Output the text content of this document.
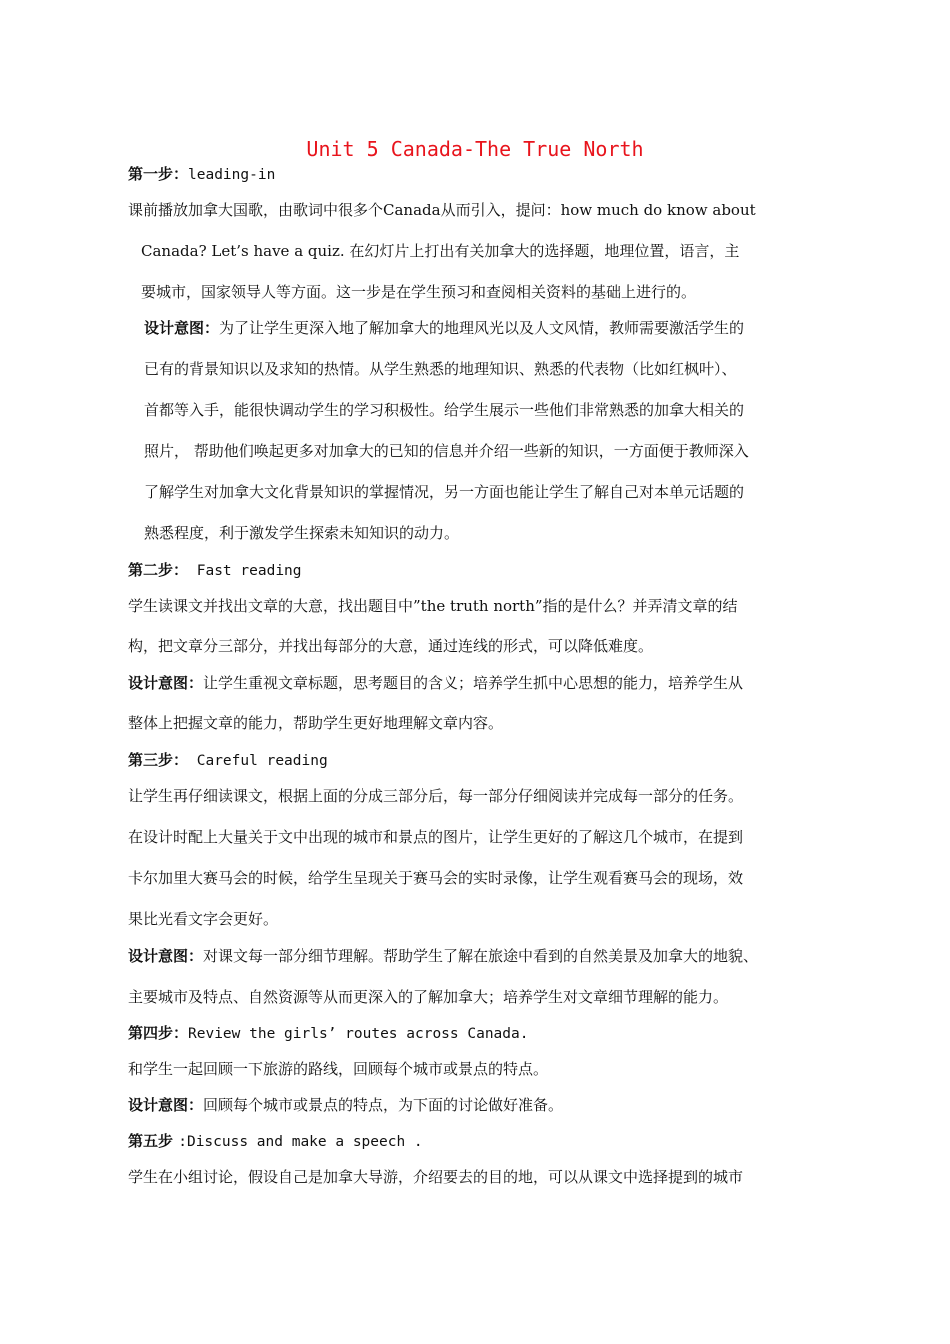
Unit 5 Canada-The True North
第一步：leading-in
课前播放加拿大国歌，由歌词中很多个Canada从而引入，提问：how much do know about
Canada? Let’s have a quiz. 在幻灯片上打出有关加拿大的选择题，地理位置，语言，主
要城市，国家领导人等方面。这一步是在学生预习和查阅相关资料的基础上进行的。
设计意图：为了让学生更深入地了解加拿大的地理风光以及人文风情，教师需要激活学生的
已有的背景知识以及求知的热情。从学生熟悉的地理知识、熟悉的代表物（比如红枫叶）、
首都等入手，能很快调动学生的学习积极性。给学生展示一些他们非常熟悉的加拿大相关的
照片， 帮助他们唤起更多对加拿大的已知的信息并介绍一些新的知识，一方面便于教师深入
了解学生对加拿大文化背景知识的掌握情况，另一方面也能让学生了解自己对本单元话题的
熟悉程度，利于激发学生探索未知知识的动力。
第二步： Fast reading
学生读课文并找出文章的大意，找出题目中”the truth north”指的是什么？并弄清文章的结
构，把文章分三部分，并找出每部分的大意，通过连线的形式，可以降低难度。
设计意图：让学生重视文章标题，思考题目的含义；培养学生抓中心思想的能力，培养学生从
整体上把握文章的能力，帮助学生更好地理解文章内容。
第三步： Careful reading
让学生再仔细读课文，根据上面的分成三部分后，每一部分仔细阅读并完成每一部分的任务。
在设计时配上大量关于文中出现的城市和景点的图片，让学生更好的了解这几个城市，在提到
卡尔加里大赛马会的时候，给学生呈现关于赛马会的实时录像，让学生观看赛马会的现场，效
果比光看文字会更好。
设计意图：对课文每一部分细节理解。帮助学生了解在旅途中看到的自然美景及加拿大的地貌、
主要城市及特点、自然资源等从而更深入的了解加拿大；培养学生对文章细节理解的能力。
第四步：Review the girls’ routes across Canada.
和学生一起回顾一下旅游的路线，回顾每个城市或景点的特点。
设计意图：回顾每个城市或景点的特点，为下面的讨论做好准备。
第五步 :Discuss and make a speech .
学生在小组讨论，假设自己是加拿大导游，介绍要去的目的地，可以从课文中选择提到的城市
